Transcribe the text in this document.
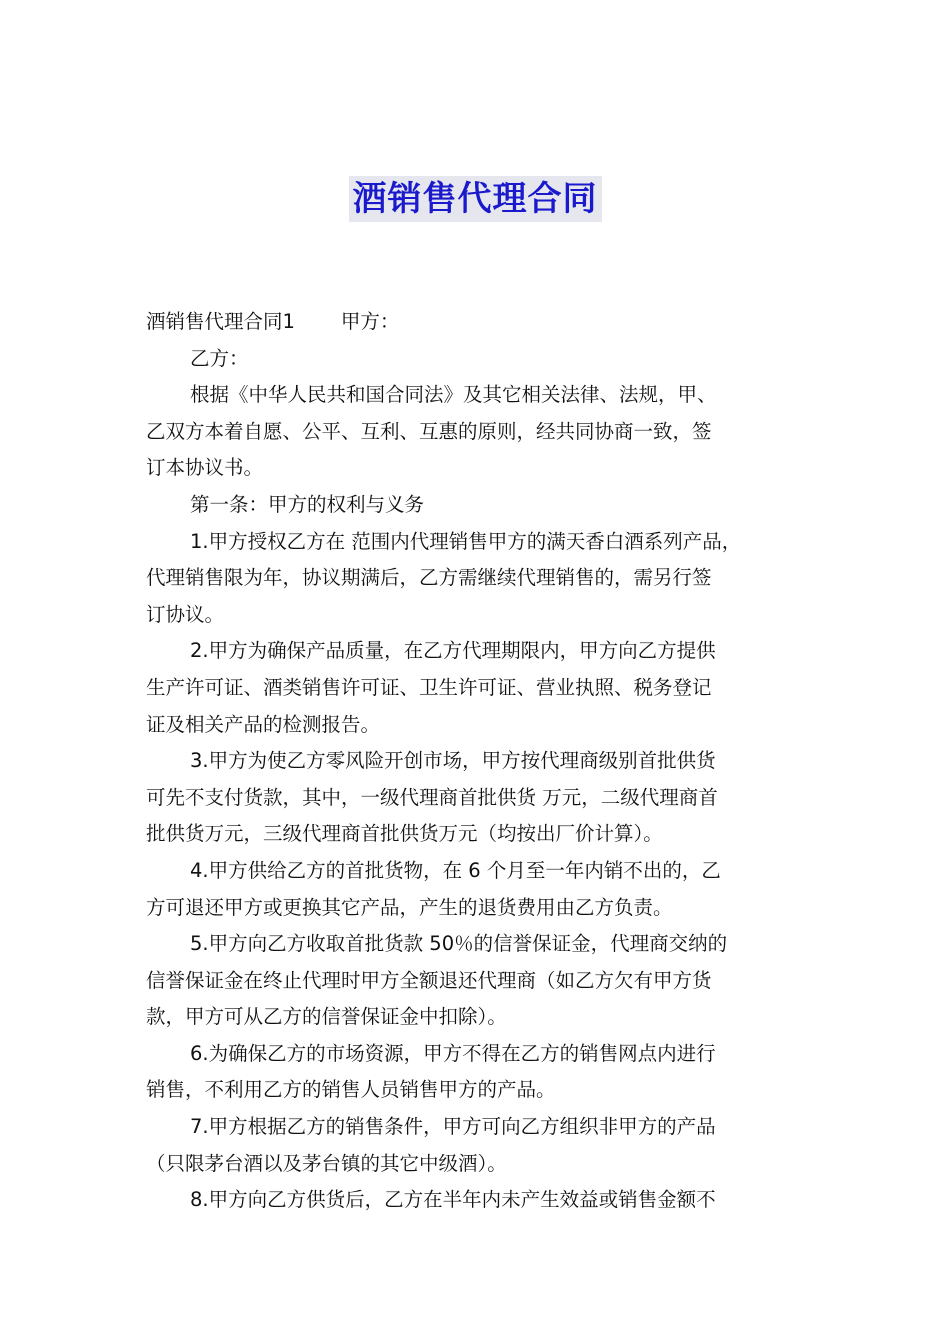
酒销售代理合同
酒销售代理合同1 甲方：
乙方：
根据《中华人民共和国合同法》及其它相关法律、法规，甲、
乙双方本着自愿、公平、互利、互惠的原则，经共同协商一致，签
订本协议书。
第一条：甲方的权利与义务
1.甲方授权乙方在 范围内代理销售甲方的满天香白酒系列产品，
代理销售限为年，协议期满后，乙方需继续代理销售的，需另行签
订协议。
2.甲方为确保产品质量，在乙方代理期限内，甲方向乙方提供
生产许可证、酒类销售许可证、卫生许可证、营业执照、税务登记
证及相关产品的检测报告。
3.甲方为使乙方零风险开创市场，甲方按代理商级别首批供货
可先不支付货款，其中，一级代理商首批供货 万元，二级代理商首
批供货万元，三级代理商首批供货万元（均按出厂价计算）。
4.甲方供给乙方的首批货物，在 6 个月至一年内销不出的，乙
方可退还甲方或更换其它产品，产生的退货费用由乙方负责。
5.甲方向乙方收取首批货款 50％的信誉保证金，代理商交纳的
信誉保证金在终止代理时甲方全额退还代理商（如乙方欠有甲方货
款，甲方可从乙方的信誉保证金中扣除）。
6.为确保乙方的市场资源，甲方不得在乙方的销售网点内进行
销售，不利用乙方的销售人员销售甲方的产品。
7.甲方根据乙方的销售条件，甲方可向乙方组织非甲方的产品
（只限茅台酒以及茅台镇的其它中级酒）。
8.甲方向乙方供货后，乙方在半年内未产生效益或销售金额不
